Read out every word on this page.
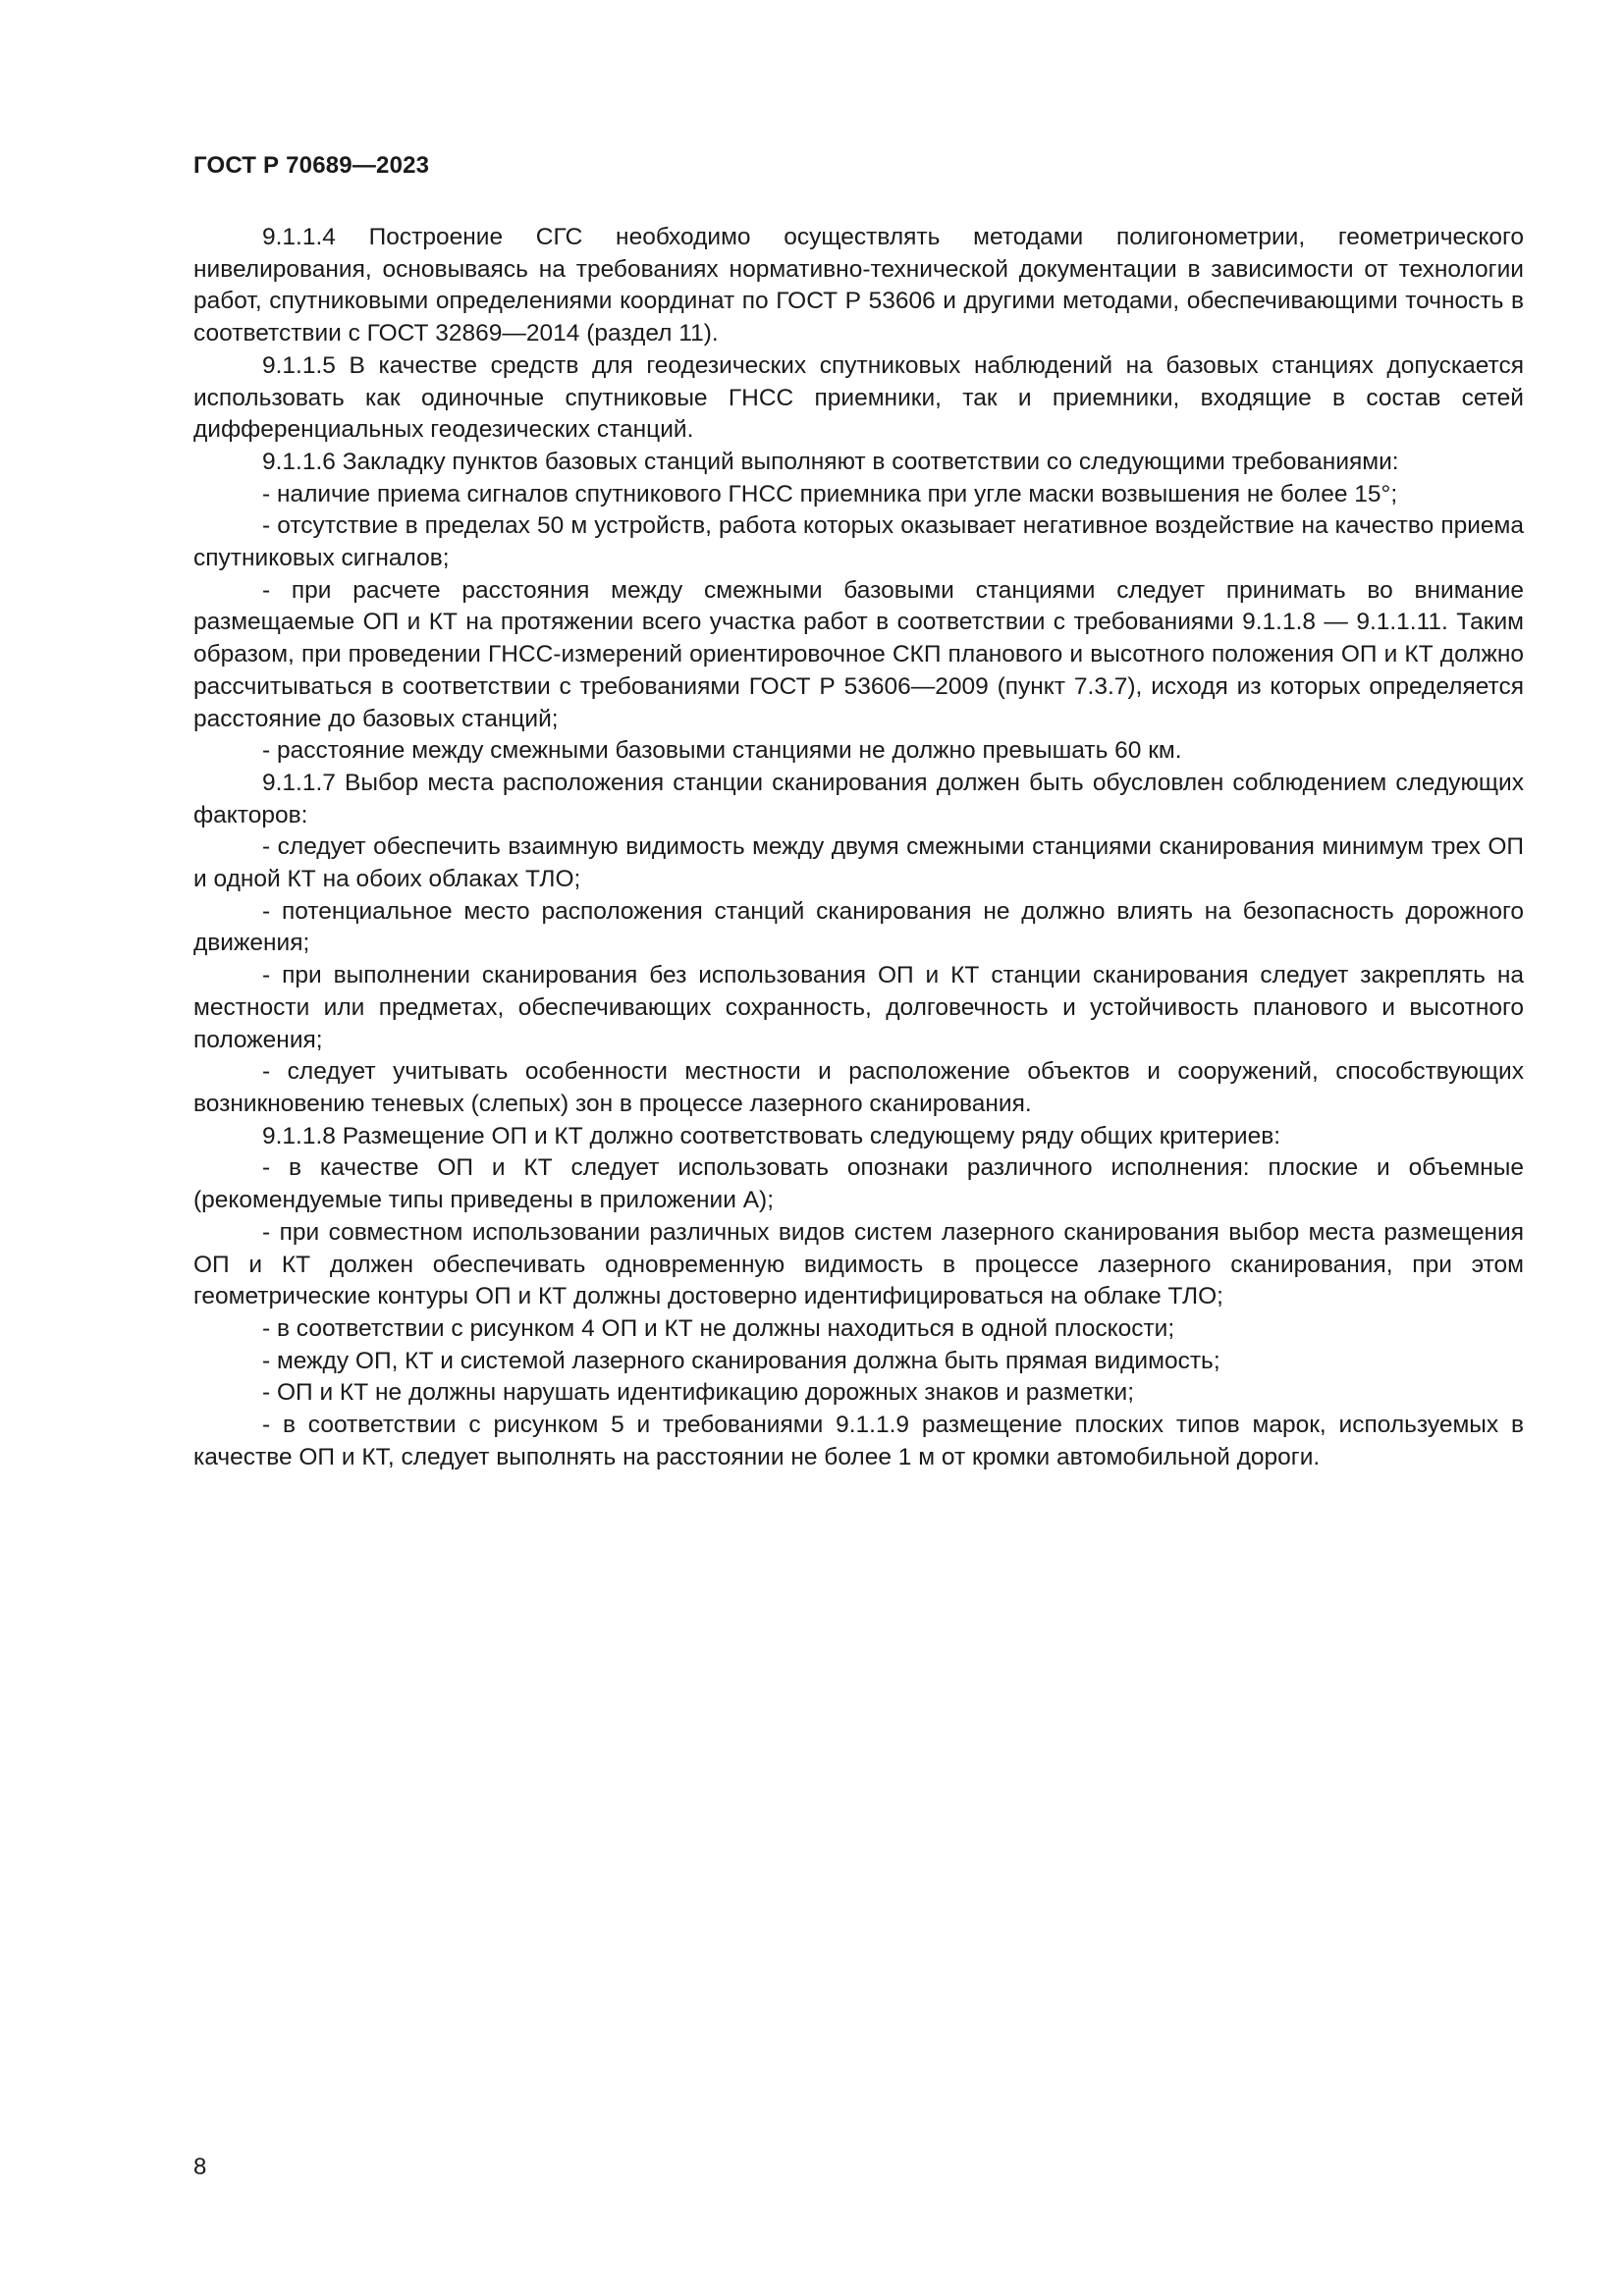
ГОСТ Р 70689—2023

9.1.1.4 Построение СГС необходимо осуществлять методами полигонометрии, геометрического нивелирования, основываясь на требованиях нормативно-технической документации в зависимости от технологии работ, спутниковыми определениями координат по ГОСТ Р 53606 и другими методами, обеспечивающими точность в соответствии с ГОСТ 32869—2014 (раздел 11).

9.1.1.5 В качестве средств для геодезических спутниковых наблюдений на базовых станциях допускается использовать как одиночные спутниковые ГНСС приемники, так и приемники, входящие в состав сетей дифференциальных геодезических станций.

9.1.1.6 Закладку пунктов базовых станций выполняют в соответствии со следующими требованиями:

- наличие приема сигналов спутникового ГНСС приемника при угле маски возвышения не более 15°;

- отсутствие в пределах 50 м устройств, работа которых оказывает негативное воздействие на качество приема спутниковых сигналов;

- при расчете расстояния между смежными базовыми станциями следует принимать во внимание размещаемые ОП и КТ на протяжении всего участка работ в соответствии с требованиями 9.1.1.8 — 9.1.1.11. Таким образом, при проведении ГНСС-измерений ориентировочное СКП планового и высотного положения ОП и КТ должно рассчитываться в соответствии с требованиями ГОСТ Р 53606—2009 (пункт 7.3.7), исходя из которых определяется расстояние до базовых станций;

- расстояние между смежными базовыми станциями не должно превышать 60 км.

9.1.1.7 Выбор места расположения станции сканирования должен быть обусловлен соблюдением следующих факторов:

- следует обеспечить взаимную видимость между двумя смежными станциями сканирования минимум трех ОП и одной КТ на обоих облаках ТЛО;

- потенциальное место расположения станций сканирования не должно влиять на безопасность дорожного движения;

- при выполнении сканирования без использования ОП и КТ станции сканирования следует закреплять на местности или предметах, обеспечивающих сохранность, долговечность и устойчивость планового и высотного положения;

- следует учитывать особенности местности и расположение объектов и сооружений, способствующих возникновению теневых (слепых) зон в процессе лазерного сканирования.

9.1.1.8 Размещение ОП и КТ должно соответствовать следующему ряду общих критериев:

- в качестве ОП и КТ следует использовать опознаки различного исполнения: плоские и объемные (рекомендуемые типы приведены в приложении А);

- при совместном использовании различных видов систем лазерного сканирования выбор места размещения ОП и КТ должен обеспечивать одновременную видимость в процессе лазерного сканирования, при этом геометрические контуры ОП и КТ должны достоверно идентифицироваться на облаке ТЛО;

- в соответствии с рисунком 4 ОП и КТ не должны находиться в одной плоскости;

- между ОП, КТ и системой лазерного сканирования должна быть прямая видимость;

- ОП и КТ не должны нарушать идентификацию дорожных знаков и разметки;

- в соответствии с рисунком 5 и требованиями 9.1.1.9 размещение плоских типов марок, используемых в качестве ОП и КТ, следует выполнять на расстоянии не более 1 м от кромки автомобильной дороги.

8
